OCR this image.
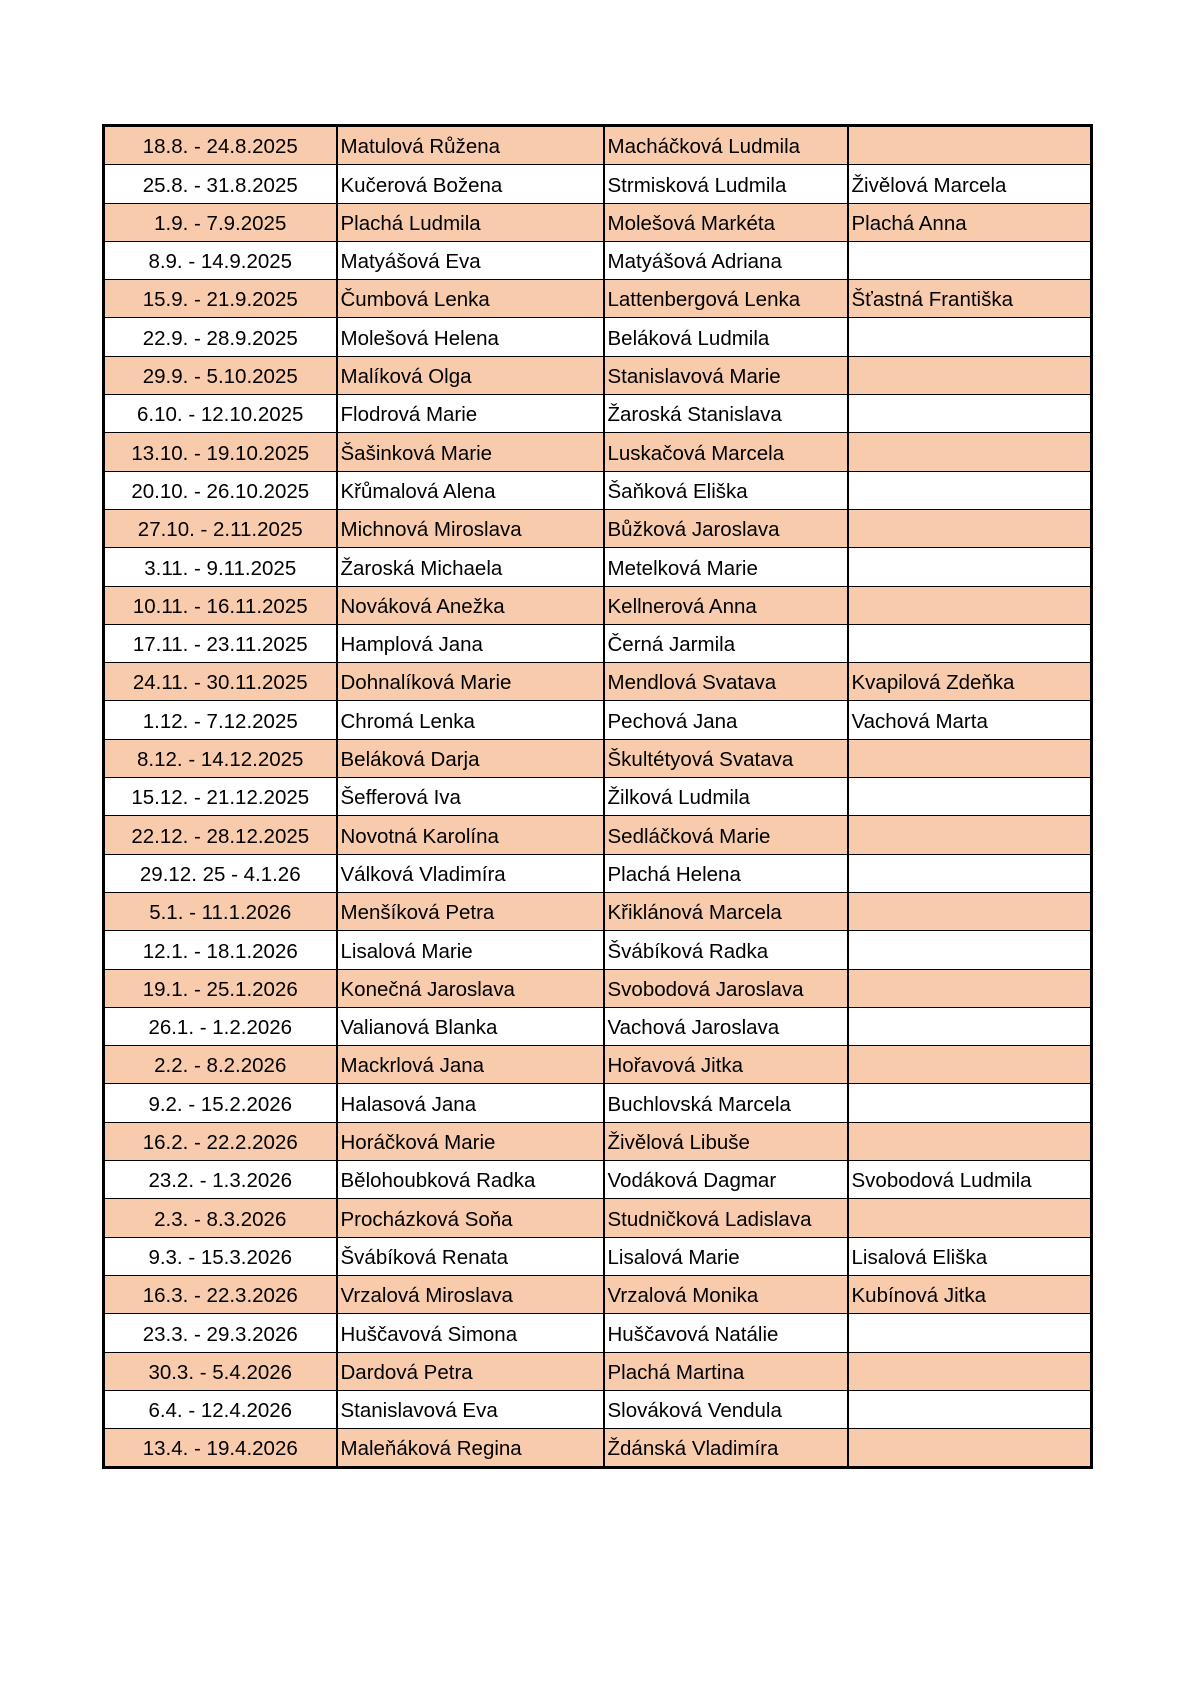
18.8. - 24.8.2025	Matulová Růžena	Macháčková Ludmila	
25.8. - 31.8.2025	Kučerová Božena	Strmisková Ludmila	Živělová Marcela
1.9. - 7.9.2025	Plachá Ludmila	Molešová Markéta	Plachá Anna
8.9. - 14.9.2025	Matyášová Eva	Matyášová Adriana	
15.9. - 21.9.2025	Čumbová Lenka	Lattenbergová Lenka	Šťastná Františka
22.9. - 28.9.2025	Molešová Helena	Beláková Ludmila	
29.9. - 5.10.2025	Malíková Olga	Stanislavová Marie	
6.10. - 12.10.2025	Flodrová Marie	Žaroská Stanislava	
13.10. - 19.10.2025	Šašinková Marie	Luskačová Marcela	
20.10. - 26.10.2025	Křůmalová Alena	Šaňková Eliška	
27.10. - 2.11.2025	Michnová Miroslava	Bůžková Jaroslava	
3.11. - 9.11.2025	Žaroská Michaela	Metelková Marie	
10.11. - 16.11.2025	Nováková Anežka	Kellnerová Anna	
17.11. - 23.11.2025	Hamplová Jana	Černá Jarmila	
24.11. - 30.11.2025	Dohnalíková Marie	Mendlová Svatava	Kvapilová Zdeňka
1.12. - 7.12.2025	Chromá Lenka	Pechová Jana	Vachová Marta
8.12. - 14.12.2025	Beláková Darja	Škultétyová Svatava	
15.12. - 21.12.2025	Šefferová Iva	Žilková Ludmila	
22.12. - 28.12.2025	Novotná Karolína	Sedláčková Marie	
29.12. 25 - 4.1.26	Válková Vladimíra	Plachá Helena	
5.1. - 11.1.2026	Menšíková Petra	Křiklánová Marcela	
12.1. - 18.1.2026	Lisalová Marie	Švábíková Radka	
19.1. - 25.1.2026	Konečná Jaroslava	Svobodová Jaroslava	
26.1. - 1.2.2026	Valianová Blanka	Vachová Jaroslava	
2.2. - 8.2.2026	Mackrlová Jana	Hořavová Jitka	
9.2. - 15.2.2026	Halasová Jana	Buchlovská Marcela	
16.2. - 22.2.2026	Horáčková Marie	Živělová Libuše	
23.2. - 1.3.2026	Bělohoubková Radka	Vodáková Dagmar	Svobodová Ludmila
2.3. - 8.3.2026	Procházková Soňa	Studničková Ladislava	
9.3. - 15.3.2026	Švábíková Renata	Lisalová Marie	Lisalová Eliška
16.3. - 22.3.2026	Vrzalová Miroslava	Vrzalová Monika	Kubínová Jitka
23.3. - 29.3.2026	Huščavová Simona	Huščavová Natálie	
30.3. - 5.4.2026	Dardová Petra	Plachá Martina	
6.4. - 12.4.2026	Stanislavová Eva	Slováková Vendula	
13.4. - 19.4.2026	Maleňáková Regina	Ždánská Vladimíra	
